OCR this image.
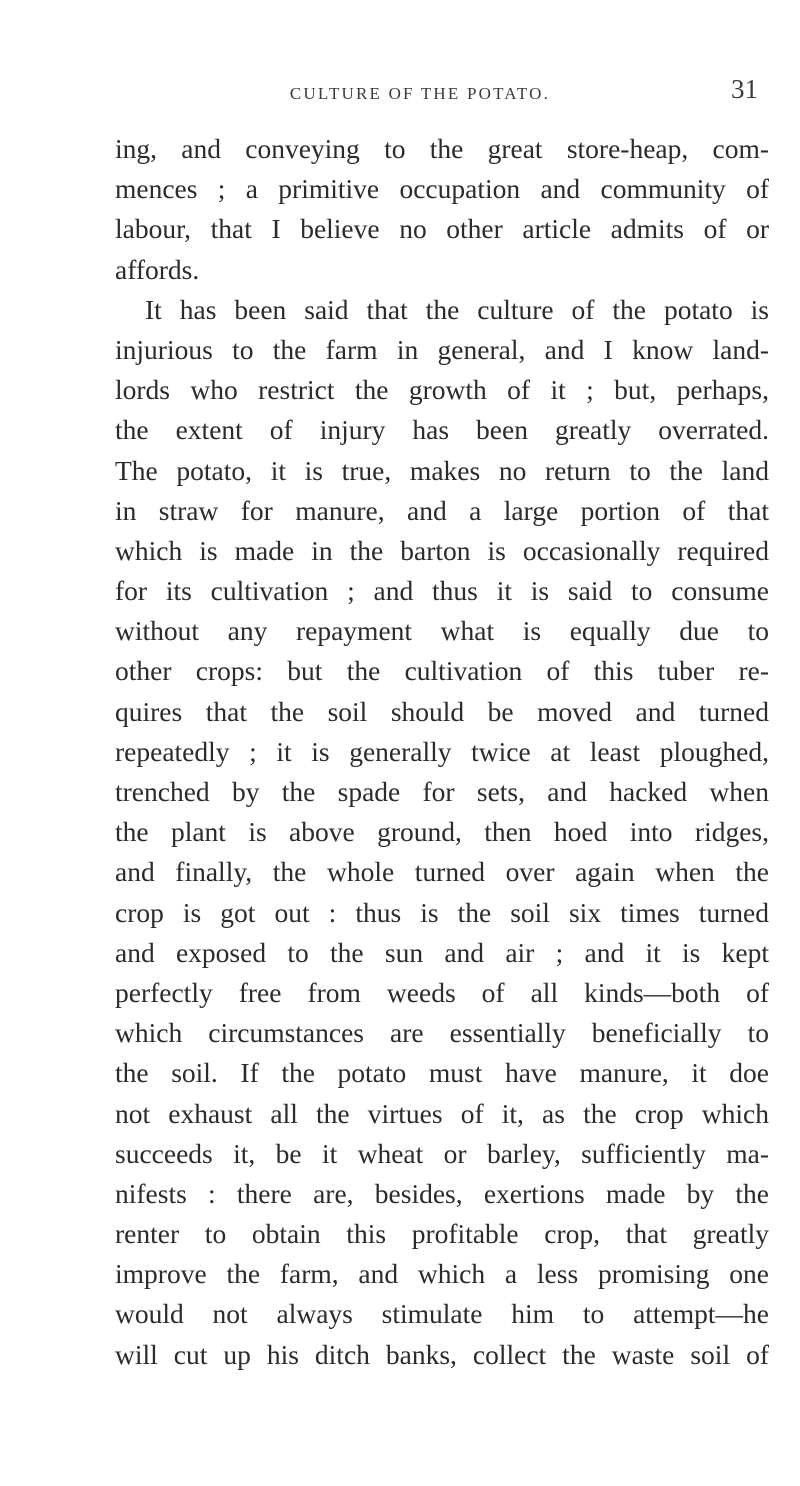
CULTURE OF THE POTATO.	31
ing, and conveying to the great store-heap, com-
mences ; a primitive occupation and community of
labour, that I believe no other article admits of or
affords.
It has been said that the culture of the potato is
injurious to the farm in general, and I know land-
lords who restrict the growth of it ; but, perhaps,
the extent of injury has been greatly overrated.
The potato, it is true, makes no return to the land
in straw for manure, and a large portion of that
which is made in the barton is occasionally required
for its cultivation ; and thus it is said to consume
without any repayment what is equally due to
other crops: but the cultivation of this tuber re-
quires that the soil should be moved and turned
repeatedly ; it is generally twice at least ploughed,
trenched by the spade for sets, and hacked when
the plant is above ground, then hoed into ridges,
and finally, the whole turned over again when the
crop is got out : thus is the soil six times turned
and exposed to the sun and air ; and it is kept
perfectly free from weeds of all kinds—both of
which circumstances are essentially beneficially to
the soil. If the potato must have manure, it doe
not exhaust all the virtues of it, as the crop which
succeeds it, be it wheat or barley, sufficiently ma-
nifests : there are, besides, exertions made by the
renter to obtain this profitable crop, that greatly
improve the farm, and which a less promising one
would not always stimulate him to attempt—he
will cut up his ditch banks, collect the waste soil of
